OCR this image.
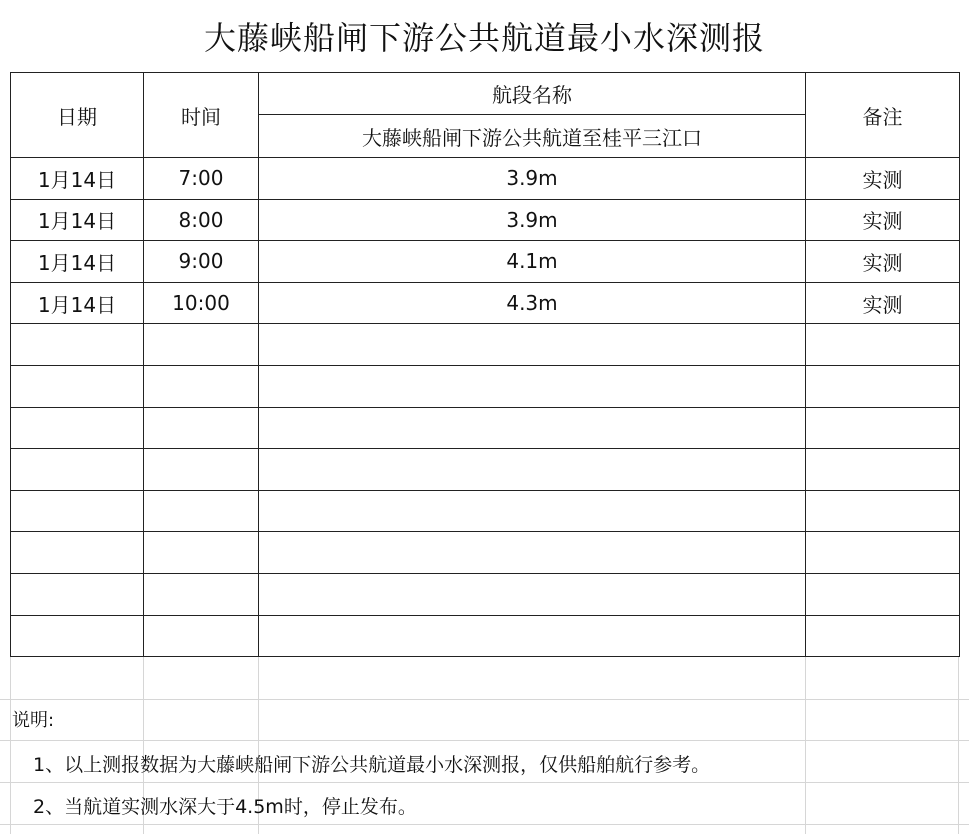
大藤峡船闸下游公共航道最小水深测报
日期	时间	航段名称	备注
		大藤峡船闸下游公共航道至桂平三江口	
1月14日	7:00	3.9m	实测
1月14日	8:00	3.9m	实测
1月14日	9:00	4.1m	实测
1月14日	10:00	4.3m	实测

说明:
1、以上测报数据为大藤峡船闸下游公共航道最小水深测报，仅供船舶航行参考。
2、当航道实测水深大于4.5m时，停止发布。
